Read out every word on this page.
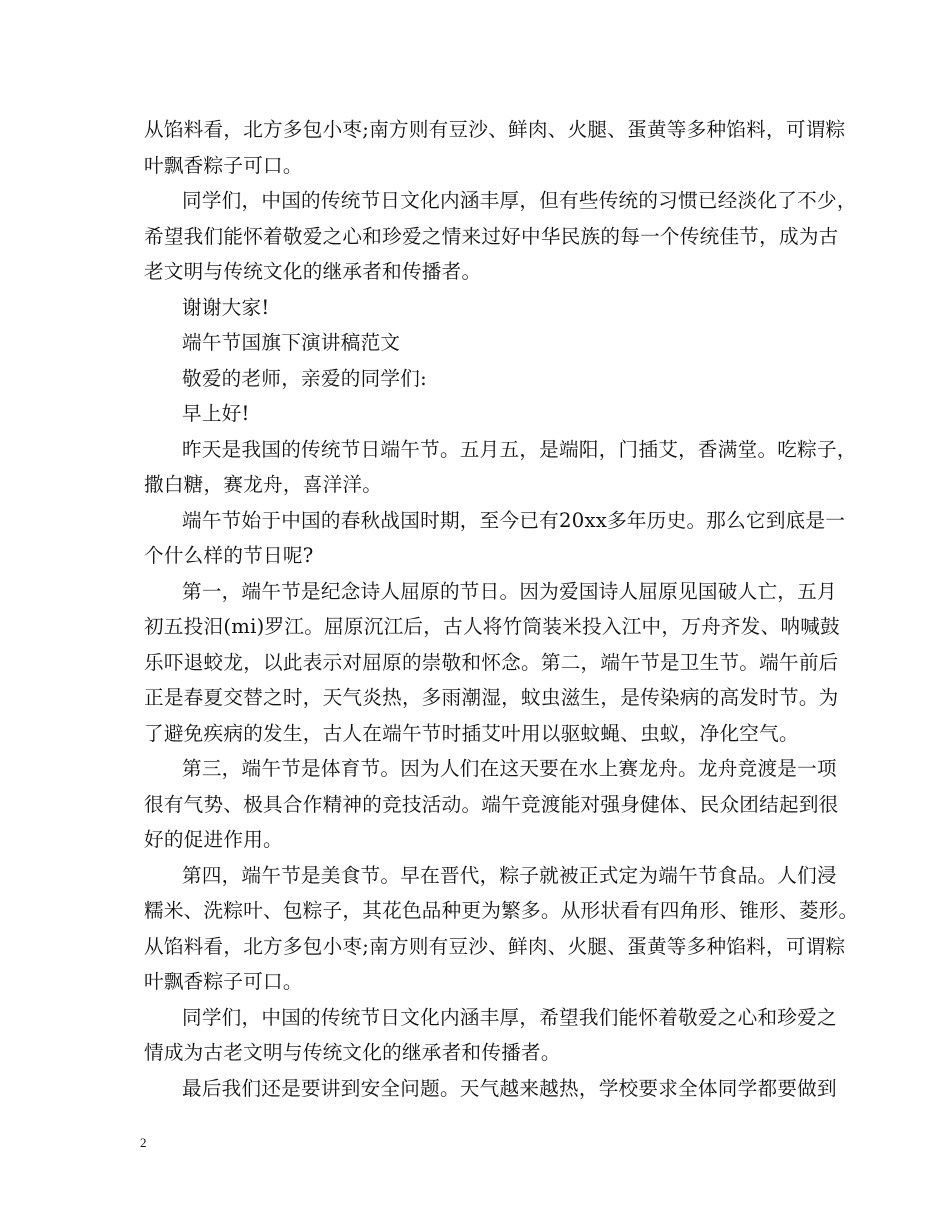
从馅料看，北方多包小枣;南方则有豆沙、鲜肉、火腿、蛋黄等多种馅料，可谓粽
叶飘香粽子可口。
同学们，中国的传统节日文化内涵丰厚，但有些传统的习惯已经淡化了不少，
希望我们能怀着敬爱之心和珍爱之情来过好中华民族的每一个传统佳节，成为古
老文明与传统文化的继承者和传播者。
谢谢大家!
端午节国旗下演讲稿范文
敬爱的老师，亲爱的同学们:
早上好!
昨天是我国的传统节日端午节。五月五，是端阳，门插艾，香满堂。吃粽子，
撒白糖，赛龙舟，喜洋洋。
端午节始于中国的春秋战国时期，至今已有20xx多年历史。那么它到底是一
个什么样的节日呢?
第一，端午节是纪念诗人屈原的节日。因为爱国诗人屈原见国破人亡，五月
初五投汨(mi)罗江。屈原沉江后，古人将竹筒装米投入江中，万舟齐发、呐喊鼓
乐吓退蛟龙，以此表示对屈原的崇敬和怀念。第二，端午节是卫生节。端午前后
正是春夏交替之时，天气炎热，多雨潮湿，蚊虫滋生，是传染病的高发时节。为
了避免疾病的发生，古人在端午节时插艾叶用以驱蚊蝇、虫蚁，净化空气。
第三，端午节是体育节。因为人们在这天要在水上赛龙舟。龙舟竞渡是一项
很有气势、极具合作精神的竞技活动。端午竞渡能对强身健体、民众团结起到很
好的促进作用。
第四，端午节是美食节。早在晋代，粽子就被正式定为端午节食品。人们浸
糯米、洗粽叶、包粽子，其花色品种更为繁多。从形状看有四角形、锥形、菱形。
从馅料看，北方多包小枣;南方则有豆沙、鲜肉、火腿、蛋黄等多种馅料，可谓粽
叶飘香粽子可口。
同学们，中国的传统节日文化内涵丰厚，希望我们能怀着敬爱之心和珍爱之
情成为古老文明与传统文化的继承者和传播者。
最后我们还是要讲到安全问题。天气越来越热，学校要求全体同学都要做到
2
